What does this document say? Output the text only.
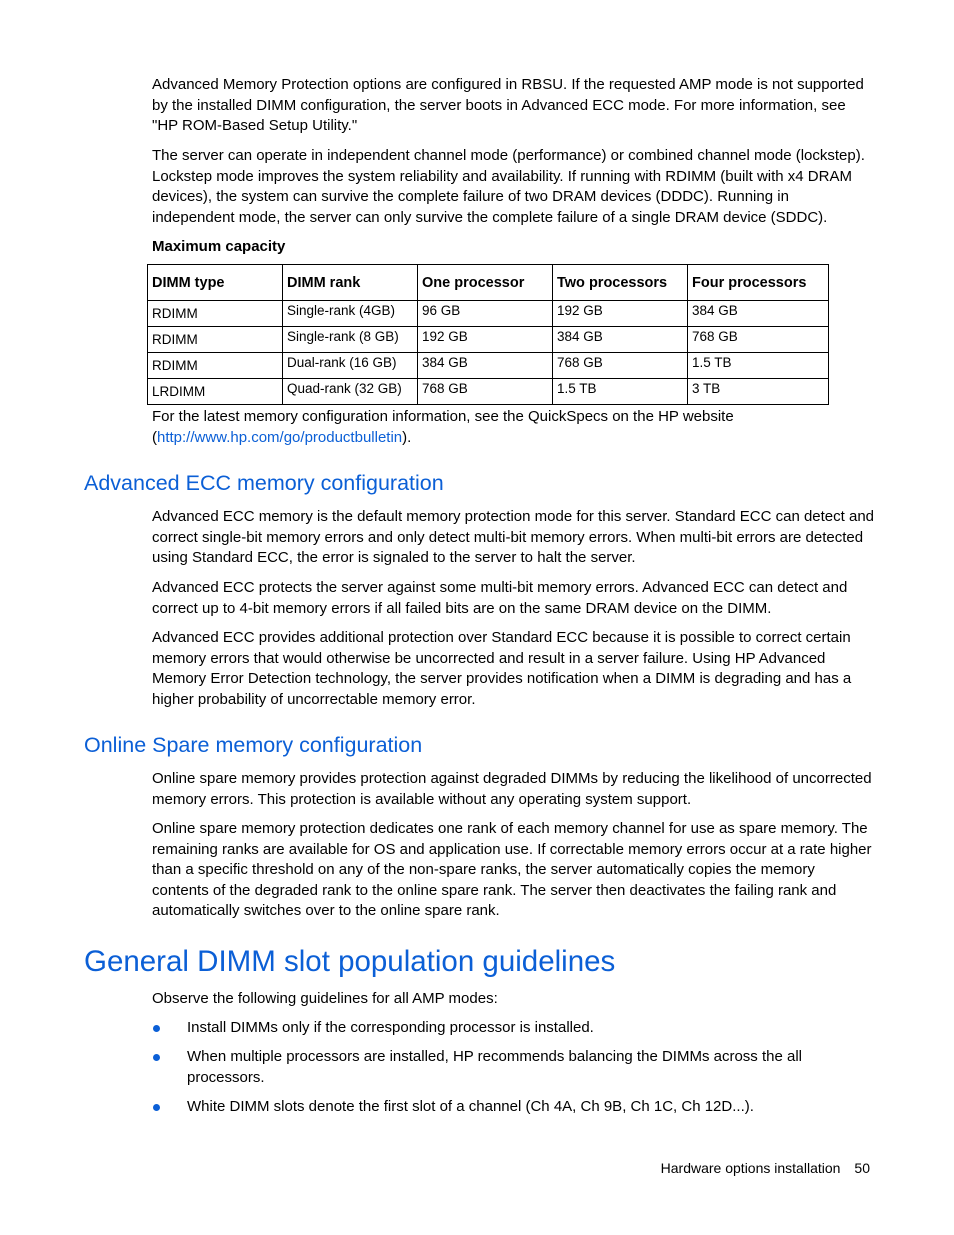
Advanced Memory Protection options are configured in RBSU. If the requested AMP mode is not supported by the installed DIMM configuration, the server boots in Advanced ECC mode. For more information, see "HP ROM-Based Setup Utility."

The server can operate in independent channel mode (performance) or combined channel mode (lockstep). Lockstep mode improves the system reliability and availability. If running with RDIMM (built with x4 DRAM devices), the system can survive the complete failure of two DRAM devices (DDDC). Running in independent mode, the server can only survive the complete failure of a single DRAM device (SDDC).

Maximum capacity

DIMM type	DIMM rank	One processor	Two processors	Four processors
RDIMM	Single-rank (4GB)	96 GB	192 GB	384 GB
RDIMM	Single-rank (8 GB)	192 GB	384 GB	768 GB
RDIMM	Dual-rank (16 GB)	384 GB	768 GB	1.5 TB
LRDIMM	Quad-rank (32 GB)	768 GB	1.5 TB	3 TB

For the latest memory configuration information, see the QuickSpecs on the HP website (http://www.hp.com/go/productbulletin).

Advanced ECC memory configuration

Advanced ECC memory is the default memory protection mode for this server. Standard ECC can detect and correct single-bit memory errors and only detect multi-bit memory errors. When multi-bit errors are detected using Standard ECC, the error is signaled to the server to halt the server.

Advanced ECC protects the server against some multi-bit memory errors. Advanced ECC can detect and correct up to 4-bit memory errors if all failed bits are on the same DRAM device on the DIMM.

Advanced ECC provides additional protection over Standard ECC because it is possible to correct certain memory errors that would otherwise be uncorrected and result in a server failure. Using HP Advanced Memory Error Detection technology, the server provides notification when a DIMM is degrading and has a higher probability of uncorrectable memory error.

Online Spare memory configuration

Online spare memory provides protection against degraded DIMMs by reducing the likelihood of uncorrected memory errors. This protection is available without any operating system support.

Online spare memory protection dedicates one rank of each memory channel for use as spare memory. The remaining ranks are available for OS and application use. If correctable memory errors occur at a rate higher than a specific threshold on any of the non-spare ranks, the server automatically copies the memory contents of the degraded rank to the online spare rank. The server then deactivates the failing rank and automatically switches over to the online spare rank.

General DIMM slot population guidelines

Observe the following guidelines for all AMP modes:

Install DIMMs only if the corresponding processor is installed.
When multiple processors are installed, HP recommends balancing the DIMMs across the all processors.
White DIMM slots denote the first slot of a channel (Ch 4A, Ch 9B, Ch 1C, Ch 12D...).
Hardware options installation 50
